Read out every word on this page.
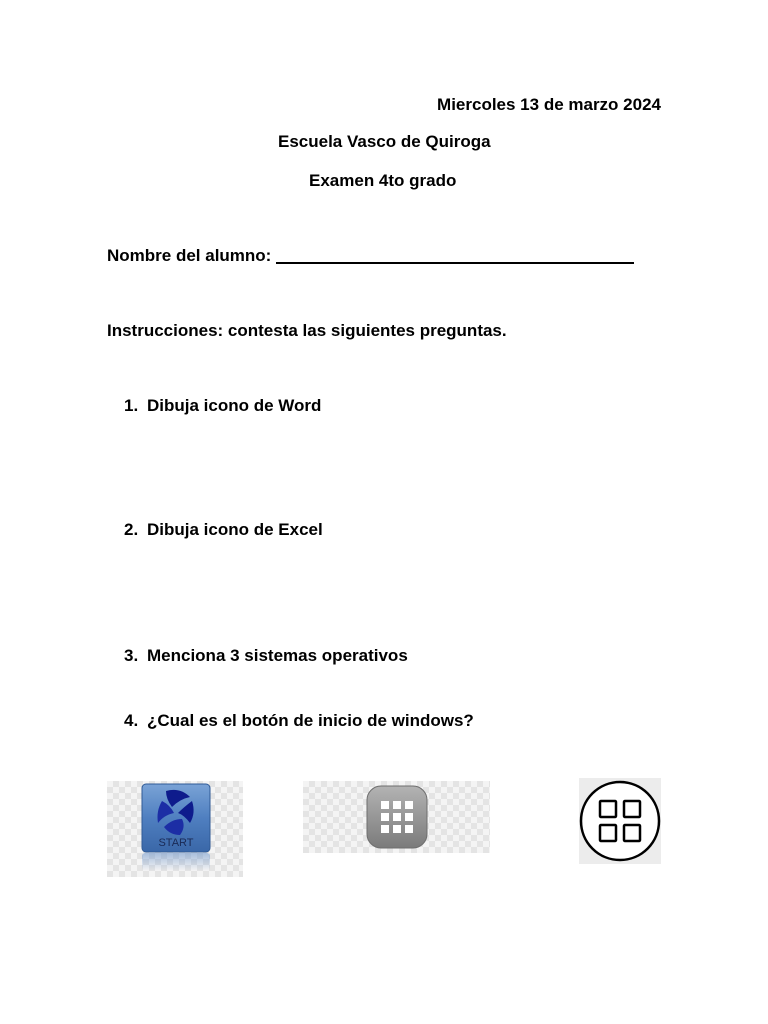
Miercoles 13 de marzo 2024
Escuela Vasco de Quiroga
Examen 4to grado
Nombre del alumno:
Instrucciones: contesta las siguientes preguntas.
1. Dibuja icono de Word
2. Dibuja icono de Excel
3. Menciona 3 sistemas operativos
4. ¿Cual es el botón de inicio de windows?
START
